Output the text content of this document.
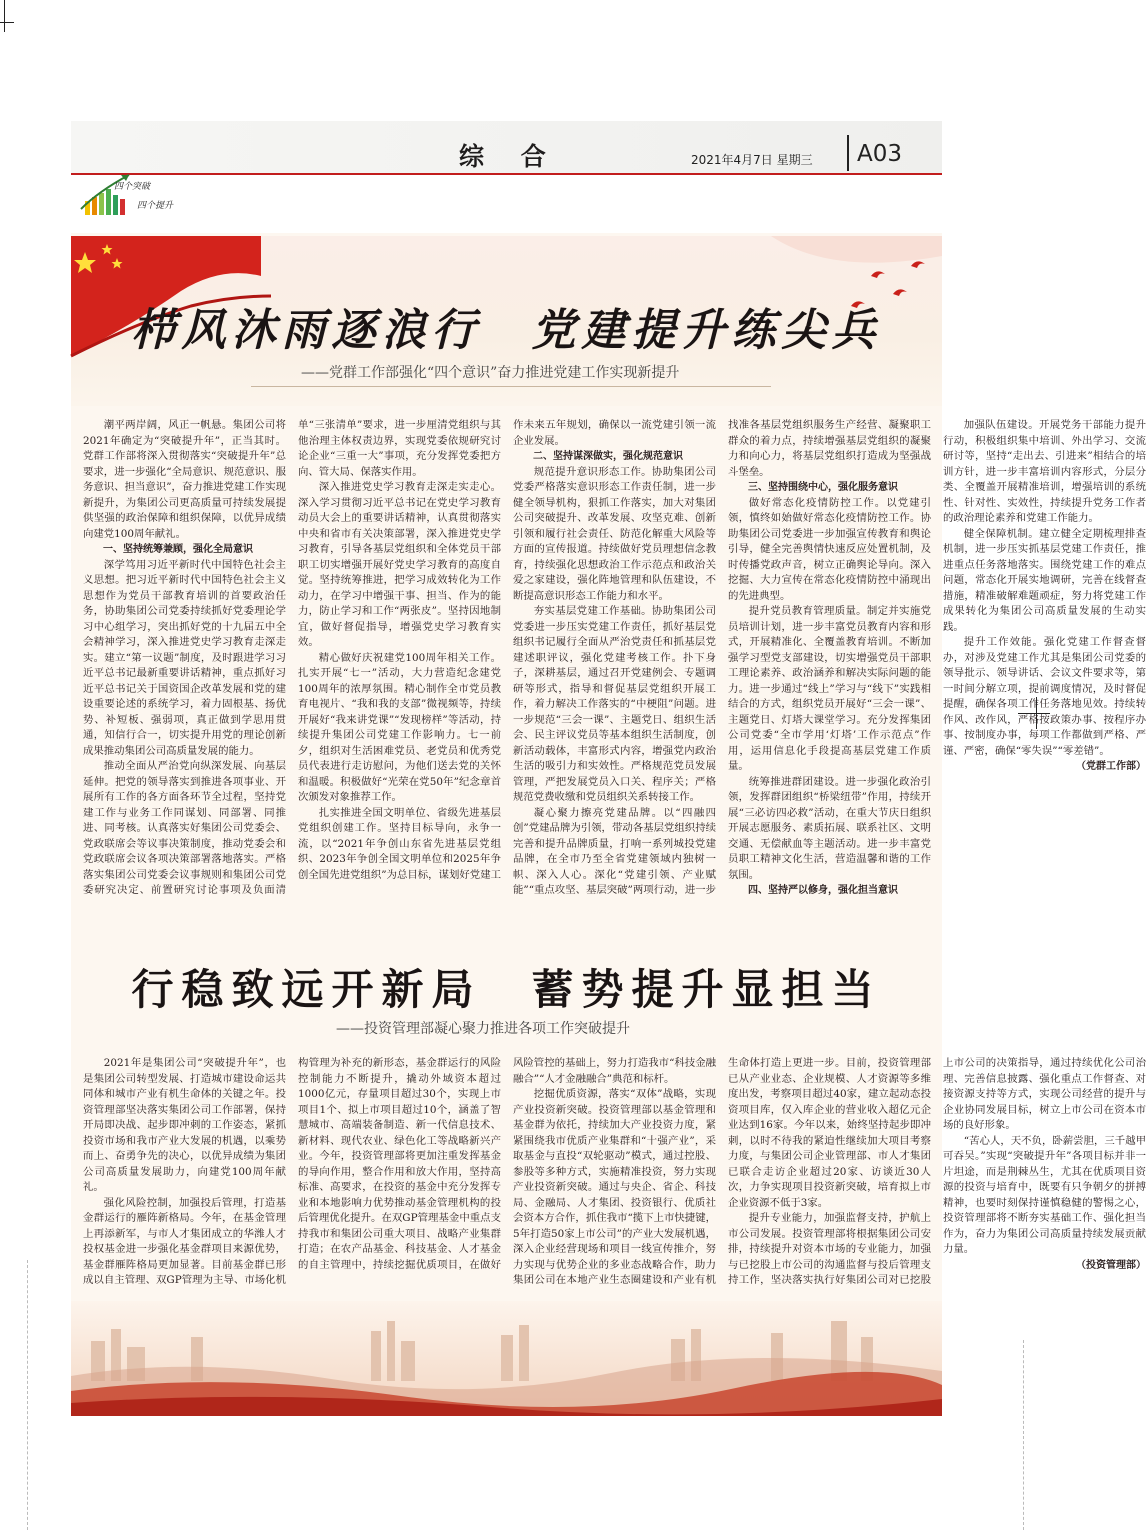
综 合	2021年4月7日 星期三 A03
四个突破
四个提升
栉风沐雨逐浪行　党建提升练尖兵
——党群工作部强化“四个意识”奋力推进党建工作实现新提升

潮平两岸阔，风正一帆悬。集团公司将2021年确定为“突破提升年”，正当其时。党群工作部将深入贯彻落实“突破提升年”总要求，进一步强化“全局意识、规范意识、服务意识、担当意识”，奋力推进党建工作实现新提升，为集团公司更高质量可持续发展提供坚强的政治保障和组织保障，以优异成绩向建党100周年献礼。

一、坚持统筹兼顾，强化全局意识

深学笃用习近平新时代中国特色社会主义思想。把习近平新时代中国特色社会主义思想作为党员干部教育培训的首要政治任务，协助集团公司党委持续抓好党委理论学习中心组学习，突出抓好党的十九届五中全会精神学习，深入推进党史学习教育走深走实。建立“第一议题”制度，及时跟进学习习近平总书记最新重要讲话精神，重点抓好习近平总书记关于国资国企改革发展和党的建设重要论述的系统学习，着力固根基、扬优势、补短板、强弱项，真正做到学思用贯通，知信行合一，切实提升用党的理论创新成果推动集团公司高质量发展的能力。

推动全面从严治党向纵深发展、向基层延伸。把党的领导落实到推进各项事业、开展所有工作的各方面各环节全过程，坚持党建工作与业务工作同谋划、同部署、同推进、同考核。认真落实好集团公司党委会、党政联席会等议事决策制度，推动党委会和党政联席会议各项决策部署落地落实。严格落实集团公司党委会议事规则和集团公司党委研究决定、前置研究讨论事项及负面清单“三张清单”要求，进一步厘清党组织与其他治理主体权责边界，实现党委依规研究讨论企业“三重一大”事项，充分发挥党委把方向、管大局、保落实作用。

深入推进党史学习教育走深走实走心。深入学习贯彻习近平总书记在党史学习教育动员大会上的重要讲话精神，认真贯彻落实中央和省市有关决策部署，深入推进党史学习教育，引导各基层党组织和全体党员干部职工切实增强开展好党史学习教育的高度自觉。坚持统筹推进，把学习成效转化为工作动力，在学习中增强干事、担当、作为的能力，防止学习和工作“两张皮”。坚持因地制宜，做好督促指导，增强党史学习教育实效。

精心做好庆祝建党100周年相关工作。扎实开展“七一”活动，大力营造纪念建党100周年的浓厚氛围。精心制作全市党员教育电视片、“我和我的支部”微视频等，持续开展好“我来讲党课”“发现榜样”等活动，持续提升集团公司党建工作影响力。七一前夕，组织对生活困难党员、老党员和优秀党员代表进行走访慰问，为他们送去党的关怀和温暖。积极做好“光荣在党50年”纪念章首次颁发对象推荐工作。

扎实推进全国文明单位、省级先进基层党组织创建工作。坚持目标导向，永争一流，以“2021年争创山东省先进基层党组织、2023年争创全国文明单位和2025年争创全国先进党组织”为总目标，谋划好党建工作未来五年规划，确保以一流党建引领一流企业发展。

二、坚持谋深做实，强化规范意识

规范提升意识形态工作。协助集团公司党委严格落实意识形态工作责任制，进一步健全领导机构，狠抓工作落实，加大对集团公司突破提升、改革发展、攻坚克难、创新引领和履行社会责任、防范化解重大风险等方面的宣传报道。持续做好党员理想信念教育，持续强化思想政治工作示范点和政治关爱之家建设，强化阵地管理和队伍建设，不断提高意识形态工作能力和水平。

夯实基层党建工作基础。协助集团公司党委进一步压实党建工作责任，抓好基层党组织书记履行全面从严治党责任和抓基层党建述职评议，强化党建考核工作。扑下身子，深耕基层，通过召开党建例会、专题调研等形式，指导和督促基层党组织开展工作，着力解决工作落实的“中梗阻”问题。进一步规范“三会一课”、主题党日、组织生活会、民主评议党员等基本组织生活制度，创新活动载体，丰富形式内容，增强党内政治生活的吸引力和实效性。严格规范党员发展管理，严把发展党员入口关、程序关；严格规范党费收缴和党员组织关系转接工作。

凝心聚力擦亮党建品牌。以“四融四创”党建品牌为引领，带动各基层党组织持续完善和提升品牌质量，打响一系列城投党建品牌，在全市乃至全省党建领域内独树一帜、深入人心。深化“党建引领、产业赋能”“重点攻坚、基层突破”两项行动，进一步找准各基层党组织服务生产经营、凝聚职工群众的着力点，持续增强基层党组织的凝聚力和向心力，将基层党组织打造成为坚强战斗堡垒。

三、坚持围绕中心，强化服务意识

做好常态化疫情防控工作。以党建引领，慎终如始做好常态化疫情防控工作。协助集团公司党委进一步加强宣传教育和舆论引导，健全完善舆情快速反应处置机制，及时传播党政声音，树立正确舆论导向。深入挖掘、大力宣传在常态化疫情防控中涌现出的先进典型。

提升党员教育管理质量。制定并实施党员培训计划，进一步丰富党员教育内容和形式，开展精准化、全覆盖教育培训。不断加强学习型党支部建设，切实增强党员干部职工理论素养、政治涵养和解决实际问题的能力。进一步通过“线上”学习与“线下”实践相结合的方式，组织党员开展好“三会一课”、主题党日、灯塔大课堂学习。充分发挥集团公司党委“全市学用‘灯塔’工作示范点”作用，运用信息化手段提高基层党建工作质量。

统筹推进群团建设。进一步强化政治引领，发挥群团组织“桥梁纽带”作用，持续开展“三必访四必救”活动，在重大节庆日组织开展志愿服务、素质拓展、联系社区、文明交通、无偿献血等主题活动。进一步丰富党员职工精神文化生活，营造温馨和谐的工作氛围。

四、坚持严以修身，强化担当意识

加强队伍建设。开展党务干部能力提升行动，积极组织集中培训、外出学习、交流研讨等，坚持“走出去、引进来”相结合的培训方针，进一步丰富培训内容形式，分层分类、全覆盖开展精准培训，增强培训的系统性、针对性、实效性，持续提升党务工作者的政治理论素养和党建工作能力。

健全保障机制。建立健全定期梳理排查机制，进一步压实抓基层党建工作责任，推进重点任务落地落实。围绕党建工作的难点问题，常态化开展实地调研，完善在线督查措施，精准破解难题顽症，努力将党建工作成果转化为集团公司高质量发展的生动实践。

提升工作效能。强化党建工作督查督办，对涉及党建工作尤其是集团公司党委的领导批示、领导讲话、会议文件要求等，第一时间分解立项，提前调度情况，及时督促提醒，确保各项工作任务落地见效。持续转作风、改作风，严格按政策办事、按程序办事、按制度办事，每项工作都做到严格、严谨、严密，确保“零失误”“零差错”。

（党群工作部）

行稳致远开新局　蓄势提升显担当
——投资管理部凝心聚力推进各项工作突破提升

2021年是集团公司“突破提升年”，也是集团公司转型发展、打造城市建设命运共同体和城市产业有机生命体的关键之年。投资管理部坚决落实集团公司工作部署，保持开局即决战、起步即冲刺的工作姿态，紧抓投资市场和我市产业大发展的机遇，以乘势而上、奋勇争先的决心，以优异成绩为集团公司高质量发展助力，向建党100周年献礼。

强化风险控制，加强投后管理，打造基金群运行的雁阵新格局。今年，在基金管理上再添新军，与市人才集团成立的华潍人才投权基金进一步强化基金群项目来源优势，基金群雁阵格局更加显著。目前基金群已形成以自主管理、双GP管理为主导、市场化机构管理为补充的新形态，基金群运行的风险控制能力不断提升，撬动外域资本超过1000亿元，存量项目超过30个，实现上市项目1个、拟上市项目超过10个，涵盖了智慧城市、高端装备制造、新一代信息技术、新材料、现代农业、绿色化工等战略新兴产业。今年，投资管理部将更加注重发挥基金的导向作用，整合作用和放大作用，坚持高标准、高要求，在投资的基金中充分发挥专业和本地影响力优势推动基金管理机构的投后管理优化提升。在双GP管理基金中重点支持我市和集团公司重大项目、战略产业集群打造；在农产品基金、科技基金、人才基金的自主管理中，持续挖掘优质项目，在做好风险管控的基础上，努力打造我市“科技金融融合”“人才金融融合”典范和标杆。

挖掘优质资源，落实“双体”战略，实现产业投资新突破。投资管理部以基金管理和基金群为依托，持续加大产业投资力度，紧紧围绕我市优质产业集群和“十强产业”，采取基金与直投“双轮驱动”模式，通过控股、参股等多种方式，实施精准投资，努力实现产业投资新突破。通过与央企、省企、科技局、金融局、人才集团、投资银行、优质社会资本方合作，抓住我市“揽下上市快捷键，5年打造50家上市公司”的产业大发展机遇，深入企业经营现场和项目一线宣传推介，努力实现与优势企业的多业态战略合作，助力集团公司在本地产业生态圈建设和产业有机生命体打造上更进一步。目前，投资管理部已从产业业态、企业规模、人才资源等多维度出发，考察项目超过40家，建立起动态投资项目库，仅入库企业的营业收入超亿元企业达到16家。今年以来，始终坚持起步即冲刺，以时不待我的紧迫性继续加大项目考察力度，与集团公司企业管理部、市人才集团已联合走访企业超过20家、访谈近30人次，力争实现项目投资新突破，培育拟上市企业资源不低于3家。

提升专业能力，加强监督支持，护航上市公司发展。投资管理部将根据集团公司安排，持续提升对资本市场的专业能力，加强与已挖股上市公司的沟通监督与投后管理支持工作，坚决落实执行好集团公司对已挖股上市公司的决策指导，通过持续优化公司治理、完善信息披露、强化重点工作督查、对接资源支持等方式，实现公司经营的提升与企业协同发展目标，树立上市公司在资本市场的良好形象。

“苦心人，天不负，卧薪尝胆，三千越甲可吞吴。”实现“突破提升年”各项目标并非一片坦途，而是荆棘丛生，尤其在优质项目资源的投资与培育中，既要有只争朝夕的拼搏精神，也要时刻保持谨慎稳健的警惕之心，投资管理部将不断夯实基础工作、强化担当作为，奋力为集团公司高质量持续发展贡献力量。

（投资管理部）
